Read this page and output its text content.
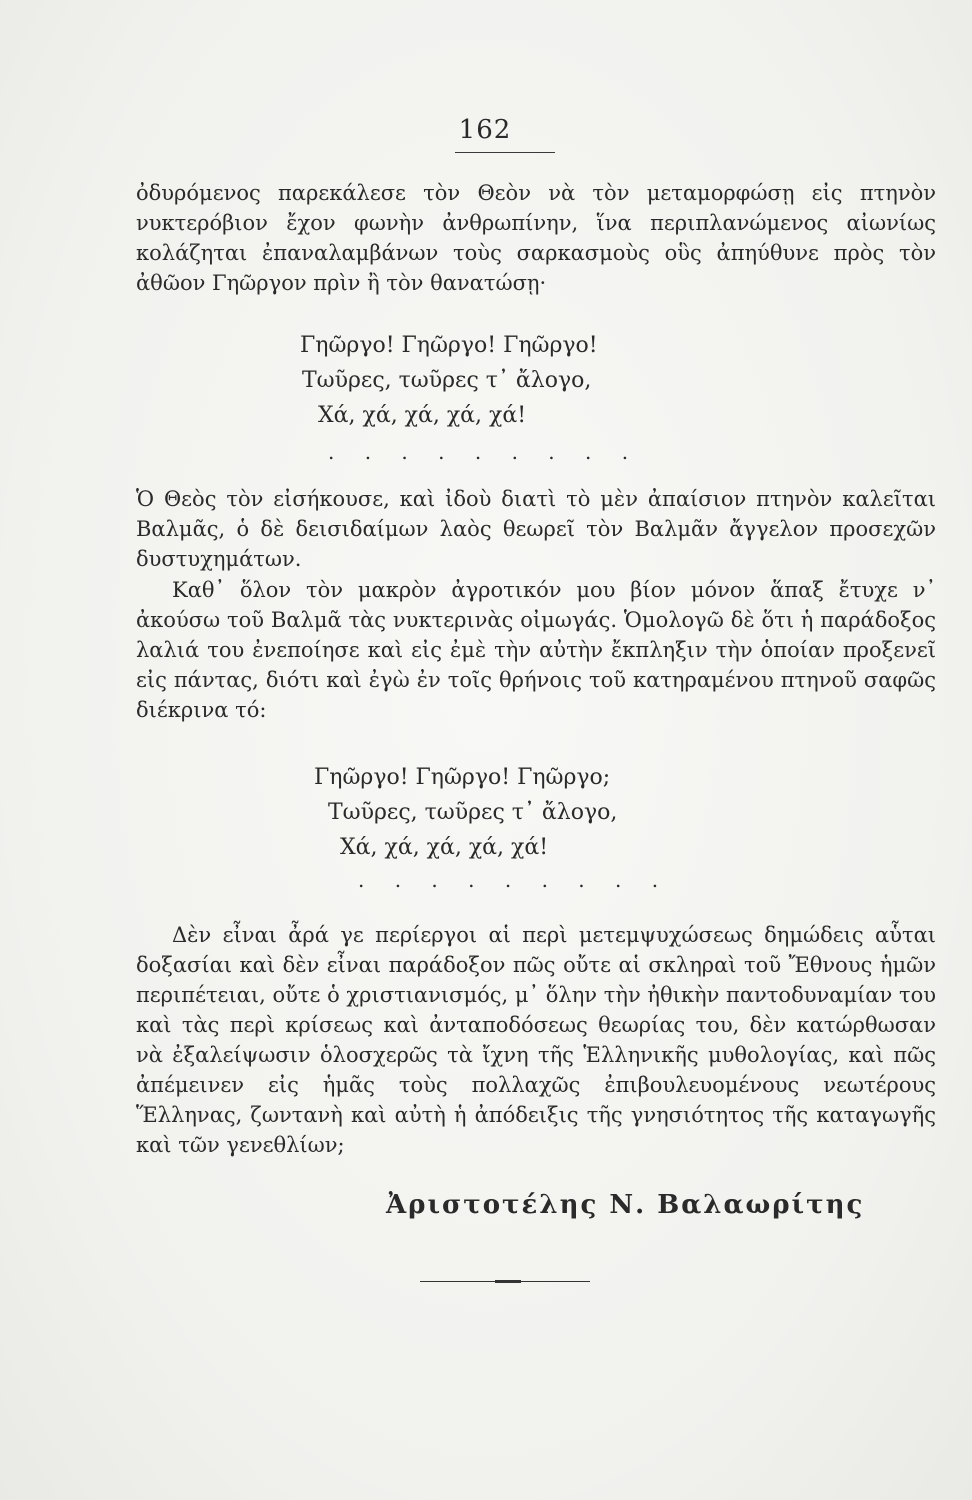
162
ὀδυρόμενος παρεκάλεσε τὸν Θεὸν νὰ τὸν μεταμορφώσῃ εἰς πτηνὸν νυκτερόβιον ἔχον φωνὴν ἀνθρωπίνην, ἵνα περιπλανώμενος αἰωνίως κολάζηται ἐπαναλαμβάνων τοὺς σαρκασμοὺς οὓς ἀπηύθυνε πρὸς τὸν ἀθῶον Γηῶργον πρὶν ἢ τὸν θανατώσῃ·
Γηῶργο! Γηῶργο! Γηῶργο!
Τωῦρες, τωῦρες τ᾽ ἄλογο,
Χά, χά, χά, χά, χά!
. . . . . . . . .
Ὁ Θεὸς τὸν εἰσήκουσε, καὶ ἰδοὺ διατὶ τὸ μὲν ἀπαίσιον πτηνὸν καλεῖται Βαλμᾶς, ὁ δὲ δεισιδαίμων λαὸς θεωρεῖ τὸν Βαλμᾶν ἄγγελον προσεχῶν δυστυχημάτων.
Καθ᾽ ὅλον τὸν μακρὸν ἀγροτικόν μου βίον μόνον ἅπαξ ἔτυχε ν᾽ ἀκούσω τοῦ Βαλμᾶ τὰς νυκτερινὰς οἰμωγάς. Ὁμολογῶ δὲ ὅτι ἡ παράδοξος λαλιά του ἐνεποίησε καὶ εἰς ἐμὲ τὴν αὐτὴν ἔκπληξιν τὴν ὁποίαν προξενεῖ εἰς πάντας, διότι καὶ ἐγὼ ἐν τοῖς θρήνοις τοῦ κατηραμένου πτηνοῦ σαφῶς διέκρινα τό:
Γηῶργο! Γηῶργο! Γηῶργο;
Τωῦρες, τωῦρες τ᾽ ἄλογο,
Χά, χά, χά, χά, χά!
. . . . . . . . .
Δὲν εἶναι ἆρά γε περίεργοι αἱ περὶ μετεμψυχώσεως δημώδεις αὗται δοξασίαι καὶ δὲν εἶναι παράδοξον πῶς οὔτε αἱ σκληραὶ τοῦ Ἔθνους ἡμῶν περιπέτειαι, οὔτε ὁ χριστιανισμός, μ᾽ ὅλην τὴν ἠθικὴν παντοδυναμίαν του καὶ τὰς περὶ κρίσεως καὶ ἀνταποδόσεως θεωρίας του, δὲν κατώρθωσαν νὰ ἐξαλείψωσιν ὁλοσχερῶς τὰ ἴχνη τῆς Ἑλληνικῆς μυθολογίας, καὶ πῶς ἀπέμεινεν εἰς ἡμᾶς τοὺς πολλαχῶς ἐπιβουλευομένους νεωτέρους Ἕλληνας, ζωντανὴ καὶ αὐτὴ ἡ ἀπόδειξις τῆς γνησιότητος τῆς καταγωγῆς καὶ τῶν γενεθλίων;
Ἀριστοτέλης Ν. Βαλαωρίτης
